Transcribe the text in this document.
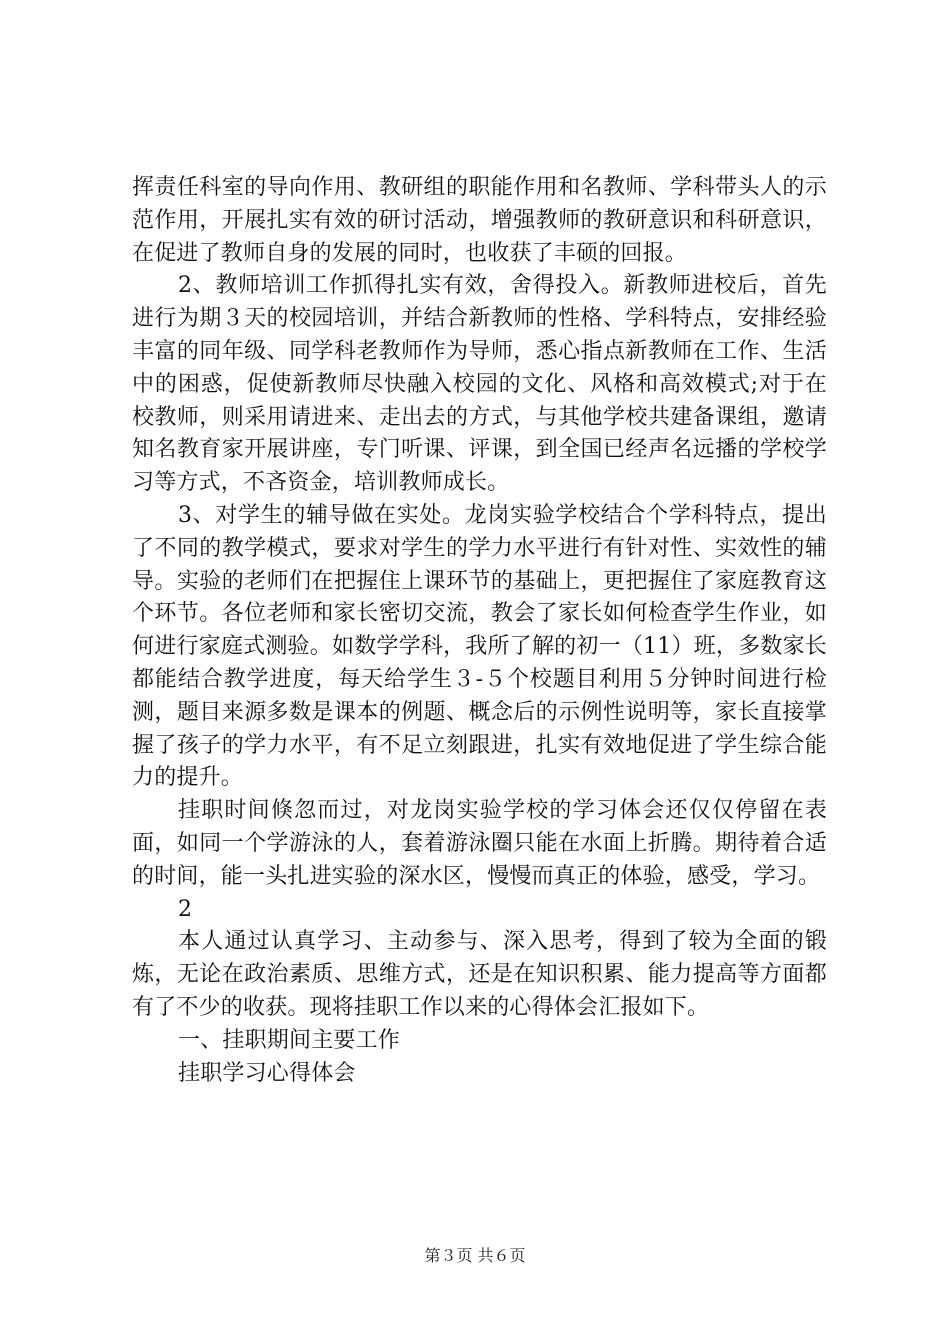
挥责任科室的导向作用、教研组的职能作用和名教师、学科带头人的示范作用，开展扎实有效的研讨活动，增强教师的教研意识和科研意识，在促进了教师自身的发展的同时，也收获了丰硕的回报。

2、教师培训工作抓得扎实有效，舍得投入。新教师进校后，首先进行为期３天的校园培训，并结合新教师的性格、学科特点，安排经验丰富的同年级、同学科老教师作为导师，悉心指点新教师在工作、生活中的困惑，促使新教师尽快融入校园的文化、风格和高效模式;对于在校教师，则采用请进来、走出去的方式，与其他学校共建备课组，邀请知名教育家开展讲座，专门听课、评课，到全国已经声名远播的学校学习等方式，不吝资金，培训教师成长。

3、对学生的辅导做在实处。龙岗实验学校结合个学科特点，提出了不同的教学模式，要求对学生的学力水平进行有针对性、实效性的辅导。实验的老师们在把握住上课环节的基础上，更把握住了家庭教育这个环节。各位老师和家长密切交流，教会了家长如何检查学生作业，如何进行家庭式测验。如数学学科，我所了解的初一（11）班，多数家长都能结合教学进度，每天给学生３-５个校题目利用５分钟时间进行检测，题目来源多数是课本的例题、概念后的示例性说明等，家长直接掌握了孩子的学力水平，有不足立刻跟进，扎实有效地促进了学生综合能力的提升。

挂职时间倏忽而过，对龙岗实验学校的学习体会还仅仅停留在表面，如同一个学游泳的人，套着游泳圈只能在水面上折腾。期待着合适的时间，能一头扎进实验的深水区，慢慢而真正的体验，感受，学习。

2

本人通过认真学习、主动参与、深入思考，得到了较为全面的锻炼，无论在政治素质、思维方式，还是在知识积累、能力提高等方面都有了不少的收获。现将挂职工作以来的心得体会汇报如下。

一、挂职期间主要工作

挂职学习心得体会

第３页 共６页
